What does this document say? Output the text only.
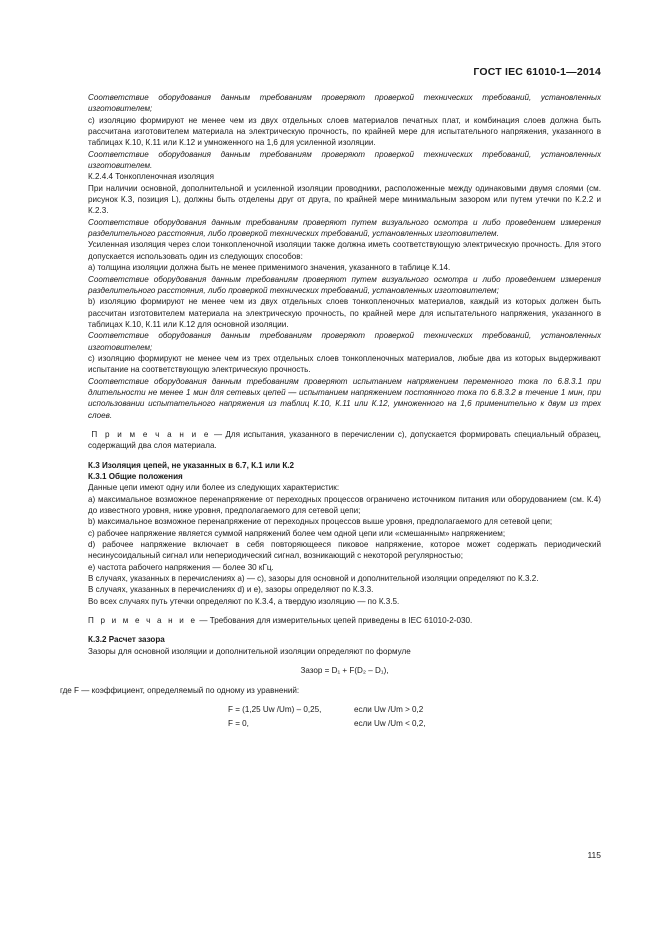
ГОСТ IEC 61010-1—2014

Соответствие оборудования данным требованиям проверяют проверкой технических требований, установленных изготовителем;

c) изоляцию формируют не менее чем из двух отдельных слоев материалов печатных плат, и комбинация слоев должна быть рассчитана изготовителем материала на электрическую прочность, по крайней мере для испытательного напряжения, указанного в таблицах К.10, К.11 или К.12 и умноженного на 1,6 для усиленной изоляции.

Соответствие оборудования данным требованиям проверяют проверкой технических требований, установленных изготовителем.

К.2.4.4 Тонкопленочная изоляция

При наличии основной, дополнительной и усиленной изоляции проводники, расположенные между одинаковыми двумя слоями (см. рисунок К.3, позиция L), должны быть отделены друг от друга, по крайней мере минимальным зазором или путем утечки по К.2.2 и К.2.3.

Соответствие оборудования данным требованиям проверяют путем визуального осмотра и либо проведением измерения разделительного расстояния, либо проверкой технических требований, установленных изготовителем.

Усиленная изоляция через слои тонкопленочной изоляции также должна иметь соответствующую электрическую прочность. Для этого допускается использовать один из следующих способов:

a) толщина изоляции должна быть не менее применимого значения, указанного в таблице К.14.

Соответствие оборудования данным требованиям проверяют путем визуального осмотра и либо проведением измерения разделительного расстояния, либо проверкой технических требований, установленных изготовителем;

b) изоляцию формируют не менее чем из двух отдельных слоев тонкопленочных материалов, каждый из которых должен быть рассчитан изготовителем материала на электрическую прочность, по крайней мере для испытательного напряжения, указанного в таблицах К.10, К.11 или К.12 для основной изоляции.

Соответствие оборудования данным требованиям проверяют проверкой технических требований, установленных изготовителем;

c) изоляцию формируют не менее чем из трех отдельных слоев тонкопленочных материалов, любые два из которых выдерживают испытание на соответствующую электрическую прочность.

Соответствие оборудования данным требованиям проверяют испытанием напряжением переменного тока по 6.8.3.1 при длительности не менее 1 мин для сетевых цепей — испытанием напряжением постоянного тока по 6.8.3.2 в течение 1 мин, при использовании испытательного напряжения из таблиц К.10, К.11 или К.12, умноженного на 1,6 применительно к двум из трех слоев.

П р и м е ч а н и е — Для испытания, указанного в перечислении с), допускается формировать специальный образец, содержащий два слоя материала.

К.3 Изоляция цепей, не указанных в 6.7, К.1 или К.2

К.3.1 Общие положения

Данные цепи имеют одну или более из следующих характеристик:

a) максимальное возможное перенапряжение от переходных процессов ограничено источником питания или оборудованием (см. К.4) до известного уровня, ниже уровня, предполагаемого для сетевой цепи;

b) максимальное возможное перенапряжение от переходных процессов выше уровня, предполагаемого для сетевой цепи;

c) рабочее напряжение является суммой напряжений более чем одной цепи или «смешанным» напряжением;

d) рабочее напряжение включает в себя повторяющееся пиковое напряжение, которое может содержать периодический несинусоидальный сигнал или непериодический сигнал, возникающий с некоторой регулярностью;

e) частота рабочего напряжения — более 30 кГц.

В случаях, указанных в перечислениях a) — c), зазоры для основной и дополнительной изоляции определяют по К.3.2.

В случаях, указанных в перечислениях d) и e), зазоры определяют по К.3.3.

Во всех случаях путь утечки определяют по К.3.4, а твердую изоляцию — по К.3.5.

П р и м е ч а н и е — Требования для измерительных цепей приведены в IEC 61010-2-030.

К.3.2 Расчет зазора

Зазоры для основной изоляции и дополнительной изоляции определяют по формуле

Зазор = D₁ + F(D₂ – D₁),

где F — коэффициент, определяемый по одному из уравнений:

F = (1,25 Uw /Um) – 0,25,	если Uw /Um > 0,2
F = 0,	если Uw /Um < 0,2,
115
